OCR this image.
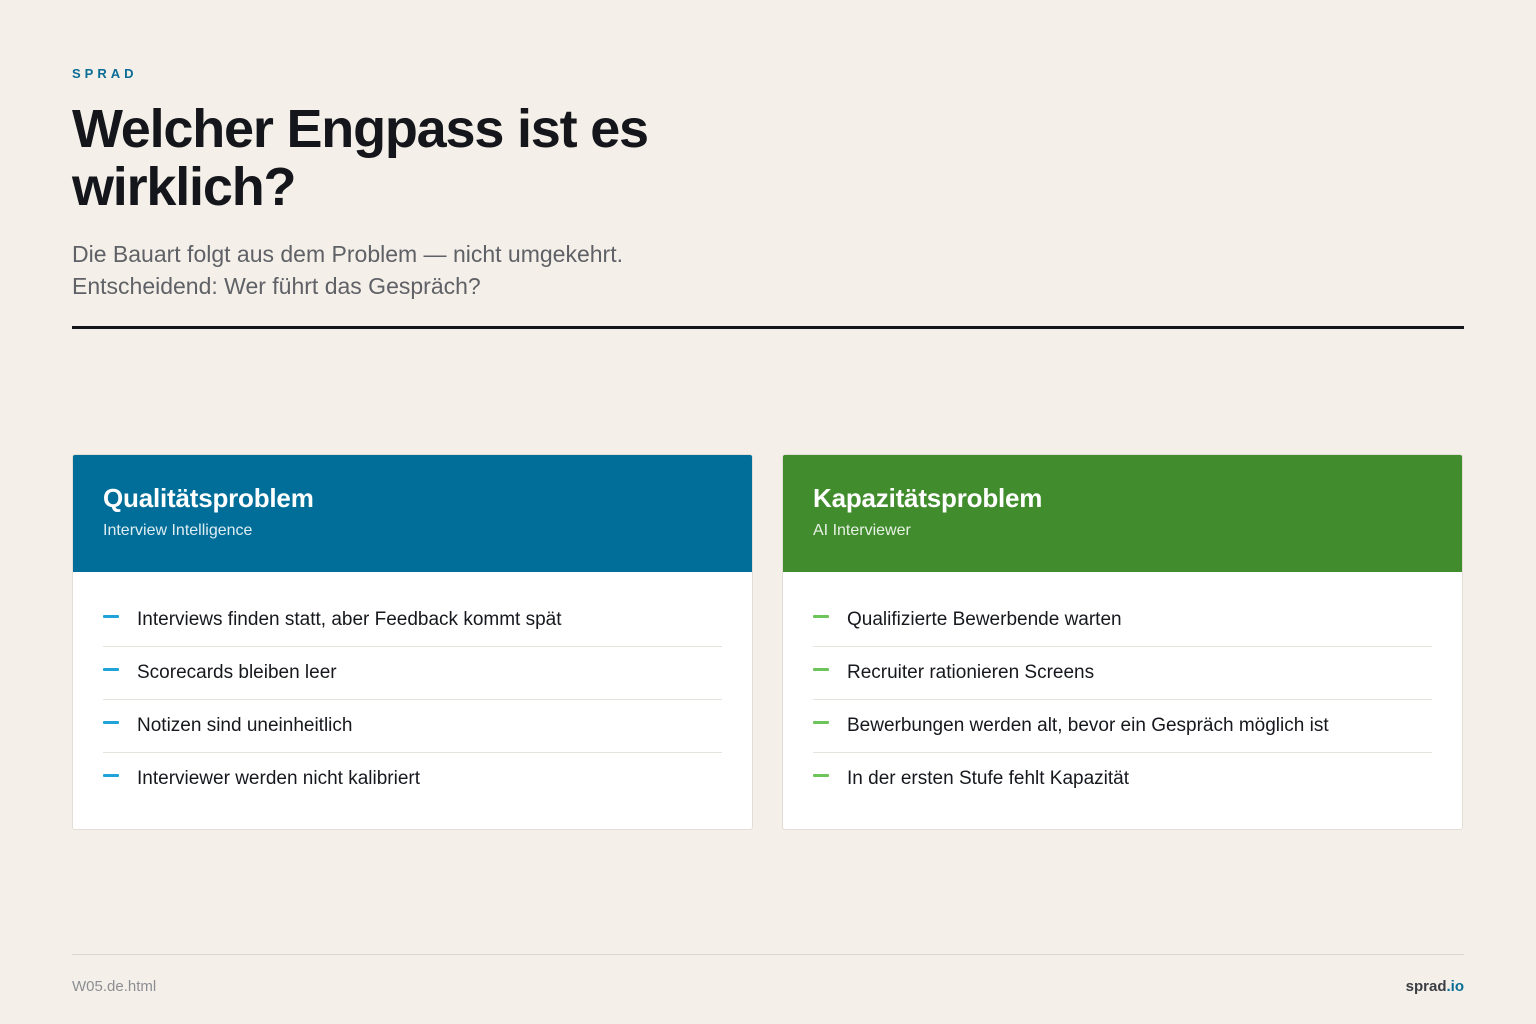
SPRAD
Welcher Engpass ist es wirklich?

Die Bauart folgt aus dem Problem — nicht umgekehrt.
Entscheidend: Wer führt das Gespräch?

Qualitätsproblem
Interview Intelligence
Interviews finden statt, aber Feedback kommt spät
Scorecards bleiben leer
Notizen sind uneinheitlich
Interviewer werden nicht kalibriert
Kapazitätsproblem
AI Interviewer
Qualifizierte Bewerbende warten
Recruiter rationieren Screens
Bewerbungen werden alt, bevor ein Gespräch möglich ist
In der ersten Stufe fehlt Kapazität
W05.de.html	sprad.io
